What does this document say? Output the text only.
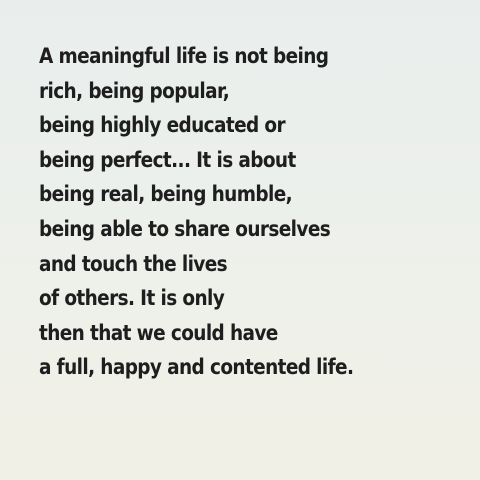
A meaningful life is not being
rich, being popular,
being highly educated or
being perfect... It is about
being real, being humble,
being able to share ourselves
and touch the lives
of others. It is only
then that we could have
a full, happy and contented life.
